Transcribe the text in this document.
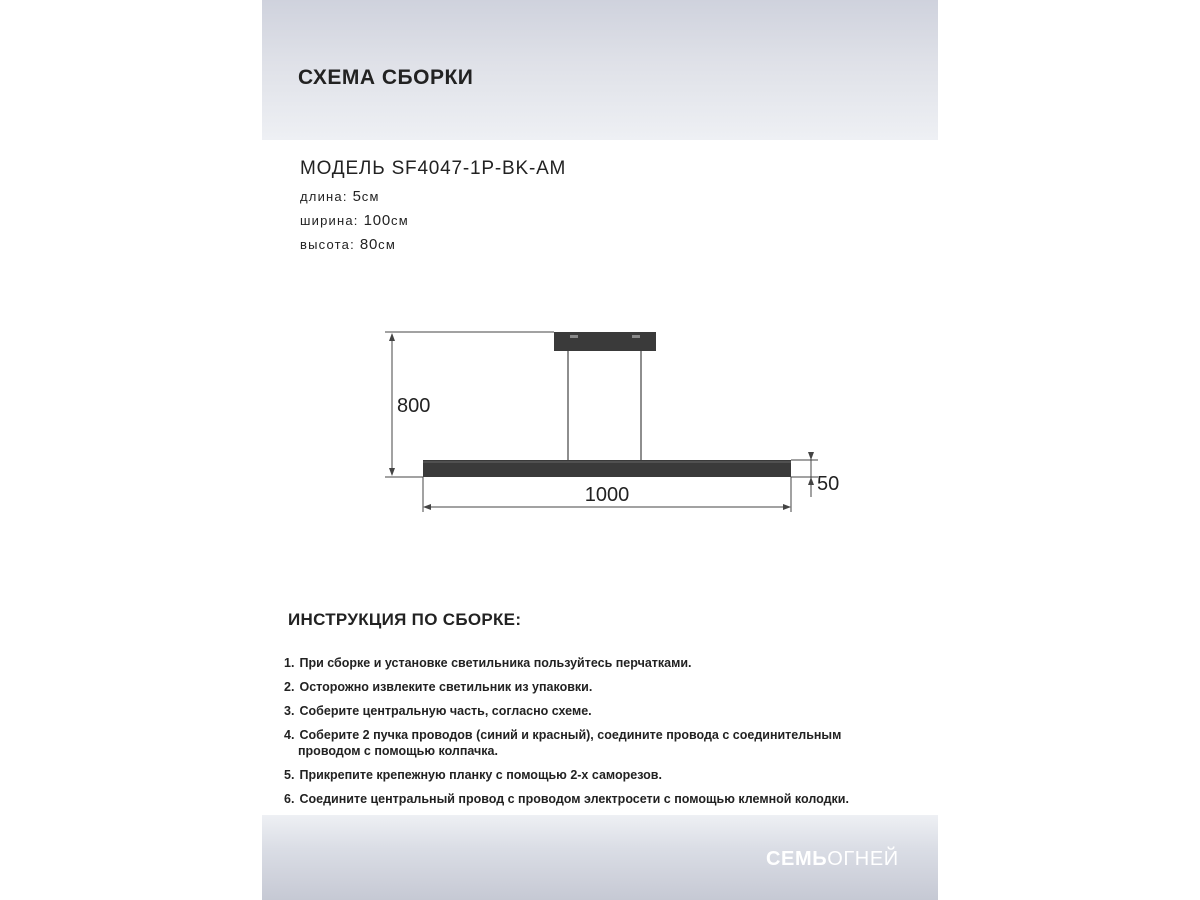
СХЕМА СБОРКИ
МОДЕЛЬ SF4047-1P-BK-AM
длина: 5см
ширина: 100см
высота: 80см
800
1000	50
ИНСТРУКЦИЯ ПО СБОРКЕ:
1. При сборке и установке светильника пользуйтесь перчатками.
2. Осторожно извлеките светильник из упаковки.
3. Соберите центральную часть, согласно схеме.
4. Соберите 2 пучка проводов (синий и красный), соедините провода с соединительным
проводом с помощью колпачка.
5. Прикрепите крепежную планку с помощью 2-х саморезов.
6. Соедините центральный провод с проводом электросети с помощью клемной колодки.
СЕМЬОГНЕЙ
